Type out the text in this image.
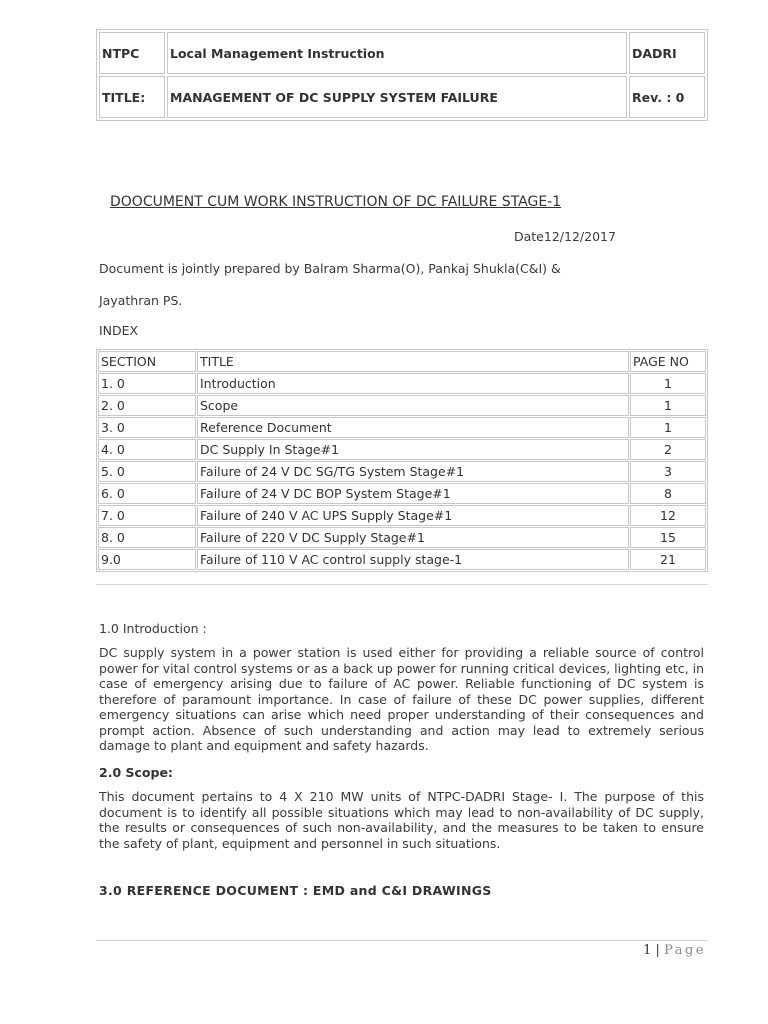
NTPC	Local Management Instruction	DADRI
TITLE:	MANAGEMENT OF DC SUPPLY SYSTEM FAILURE	Rev. : 0
DOOCUMENT CUM WORK INSTRUCTION OF DC FAILURE STAGE-1
Date12/12/2017

Document is jointly prepared by Balram Sharma(O), Pankaj Shukla(C&I) &

Jayathran PS.

INDEX
SECTION	TITLE	PAGE NO
1. 0	Introduction	1
2. 0	Scope	1
3. 0	Reference Document	1
4. 0	DC Supply In Stage#1	2
5. 0	Failure of 24 V DC SG/TG System Stage#1	3
6. 0	Failure of 24 V DC BOP System Stage#1	8
7. 0	Failure of 240 V AC UPS Supply Stage#1	12
8. 0	Failure of 220 V DC Supply Stage#1	15
9.0	Failure of 110 V AC control supply stage-1	21
1.0 Introduction :

DC supply system in a power station is used either for providing a reliable source of control power for vital control systems or as a back up power for running critical devices, lighting etc, in case of emergency arising due to failure of AC power. Reliable functioning of DC system is therefore of paramount importance. In case of failure of these DC power supplies, different emergency situations can arise which need proper understanding of their consequences and prompt action. Absence of such understanding and action may lead to extremely serious damage to plant and equipment and safety hazards.

2.0 Scope:

This document pertains to 4 X 210 MW units of NTPC-DADRI Stage- I. The purpose of this document is to identify all possible situations which may lead to non-availability of DC supply, the results or consequences of such non-availability, and the measures to be taken to ensure the safety of plant, equipment and personnel in such situations.

3.0 REFERENCE DOCUMENT : EMD and C&I DRAWINGS
1 | Page
